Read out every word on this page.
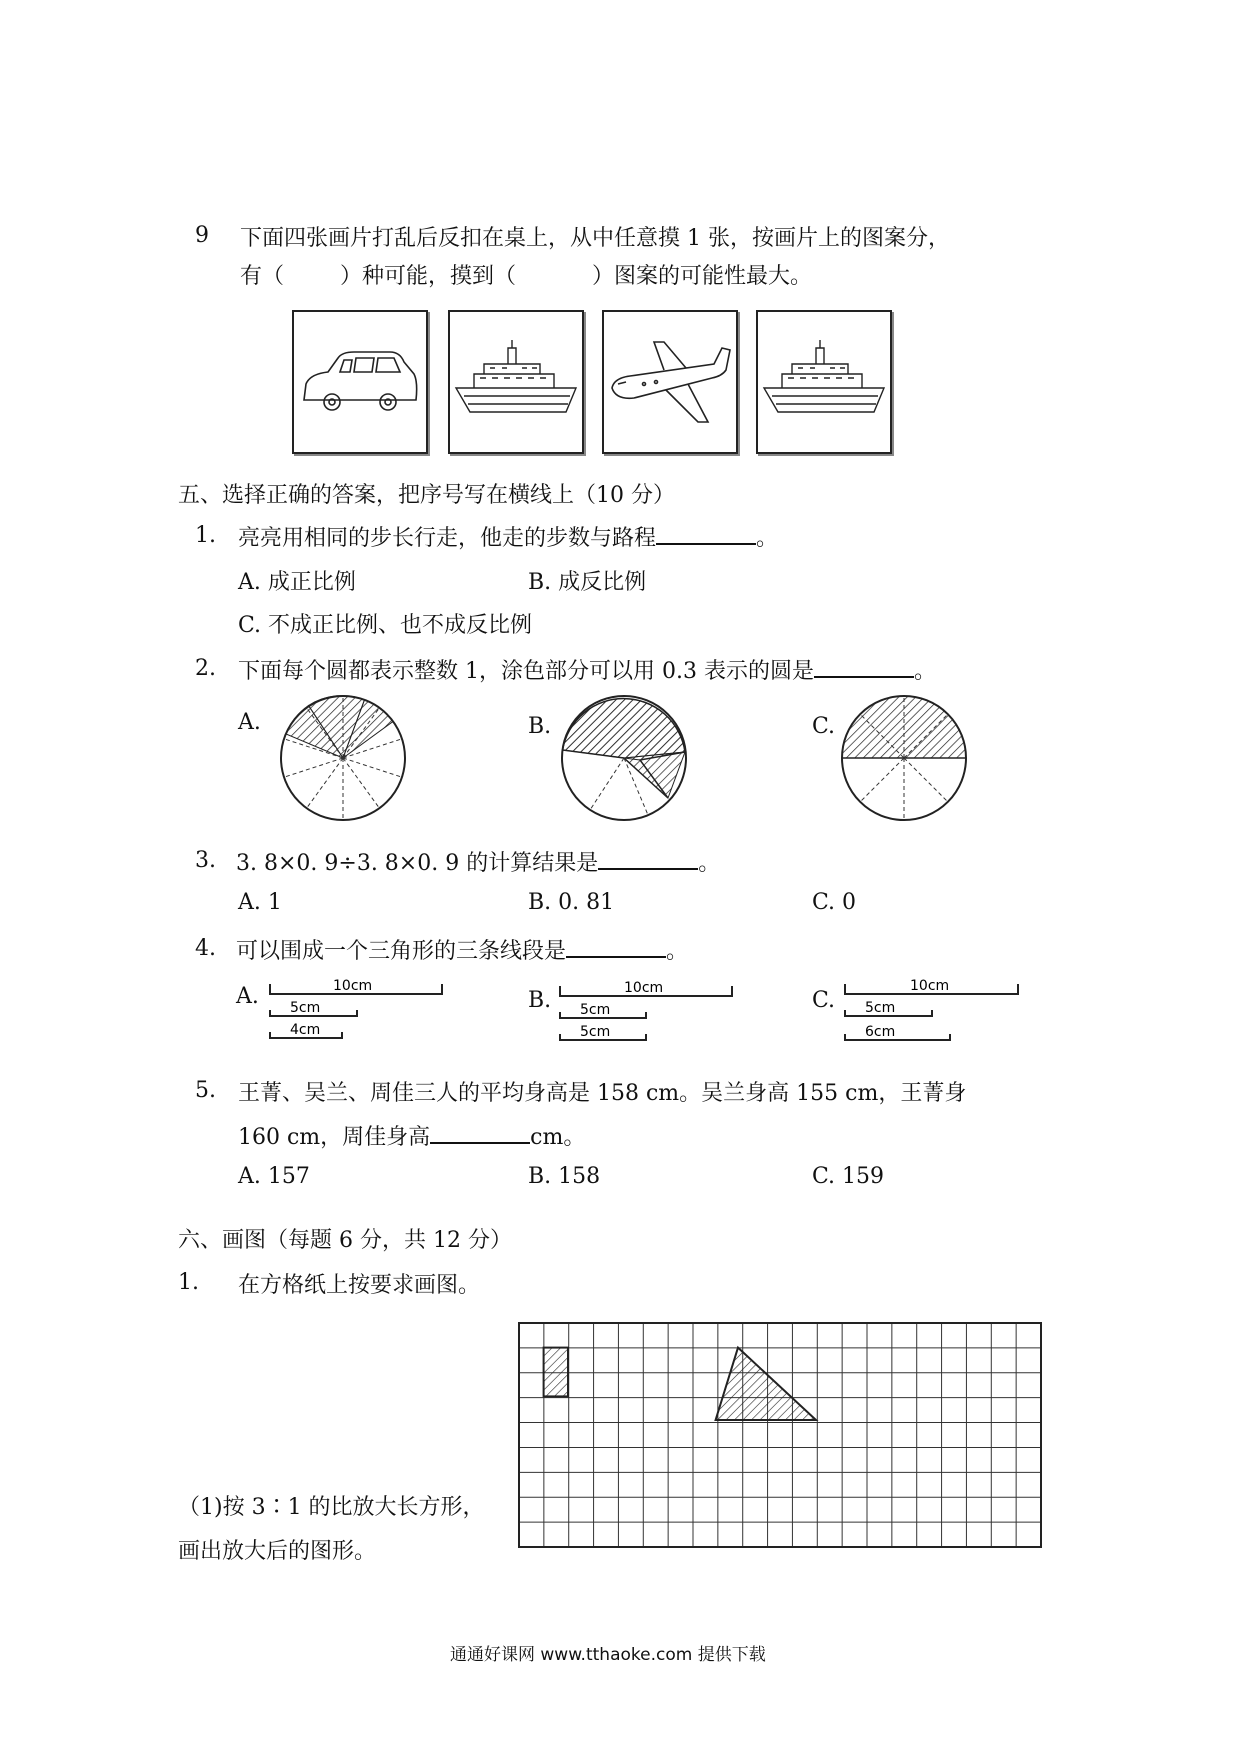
9 下面四张画片打乱后反扣在桌上，从中任意摸 1 张，按画片上的图案分，
有（	）种可能，摸到（	）图案的可能性最大。
五、选择正确的答案，把序号写在横线上（10 分）
1. 亮亮用相同的步长行走，他走的步数与路程	。
A. 成正比例	B. 成反比例
C. 不成正比例、也不成反比例
2. 下面每个圆都表示整数 1，涂色部分可以用 0.3 表示的圆是	。
A.	B.	C.
3. 3. 8×0. 9÷3. 8×0. 9 的计算结果是	。
A. 1	B. 0. 81	C. 0
4. 可以围成一个三角形的三条线段是	。
A.	B.	C.
10cm
5cm
4cm
10cm
5cm
5cm
10cm
5cm
6cm
5. 王菁、吴兰、周佳三人的平均身高是 158 cm。吴兰身高 155 cm，王菁身
160 cm，周佳身高	cm。
A. 157	B. 158	C. 159
六、画图（每题 6 分，共 12 分）
1. 在方格纸上按要求画图。
（1)按 3∶1 的比放大长方形，
画出放大后的图形。
通通好课网 www.tthaoke.com 提供下载
